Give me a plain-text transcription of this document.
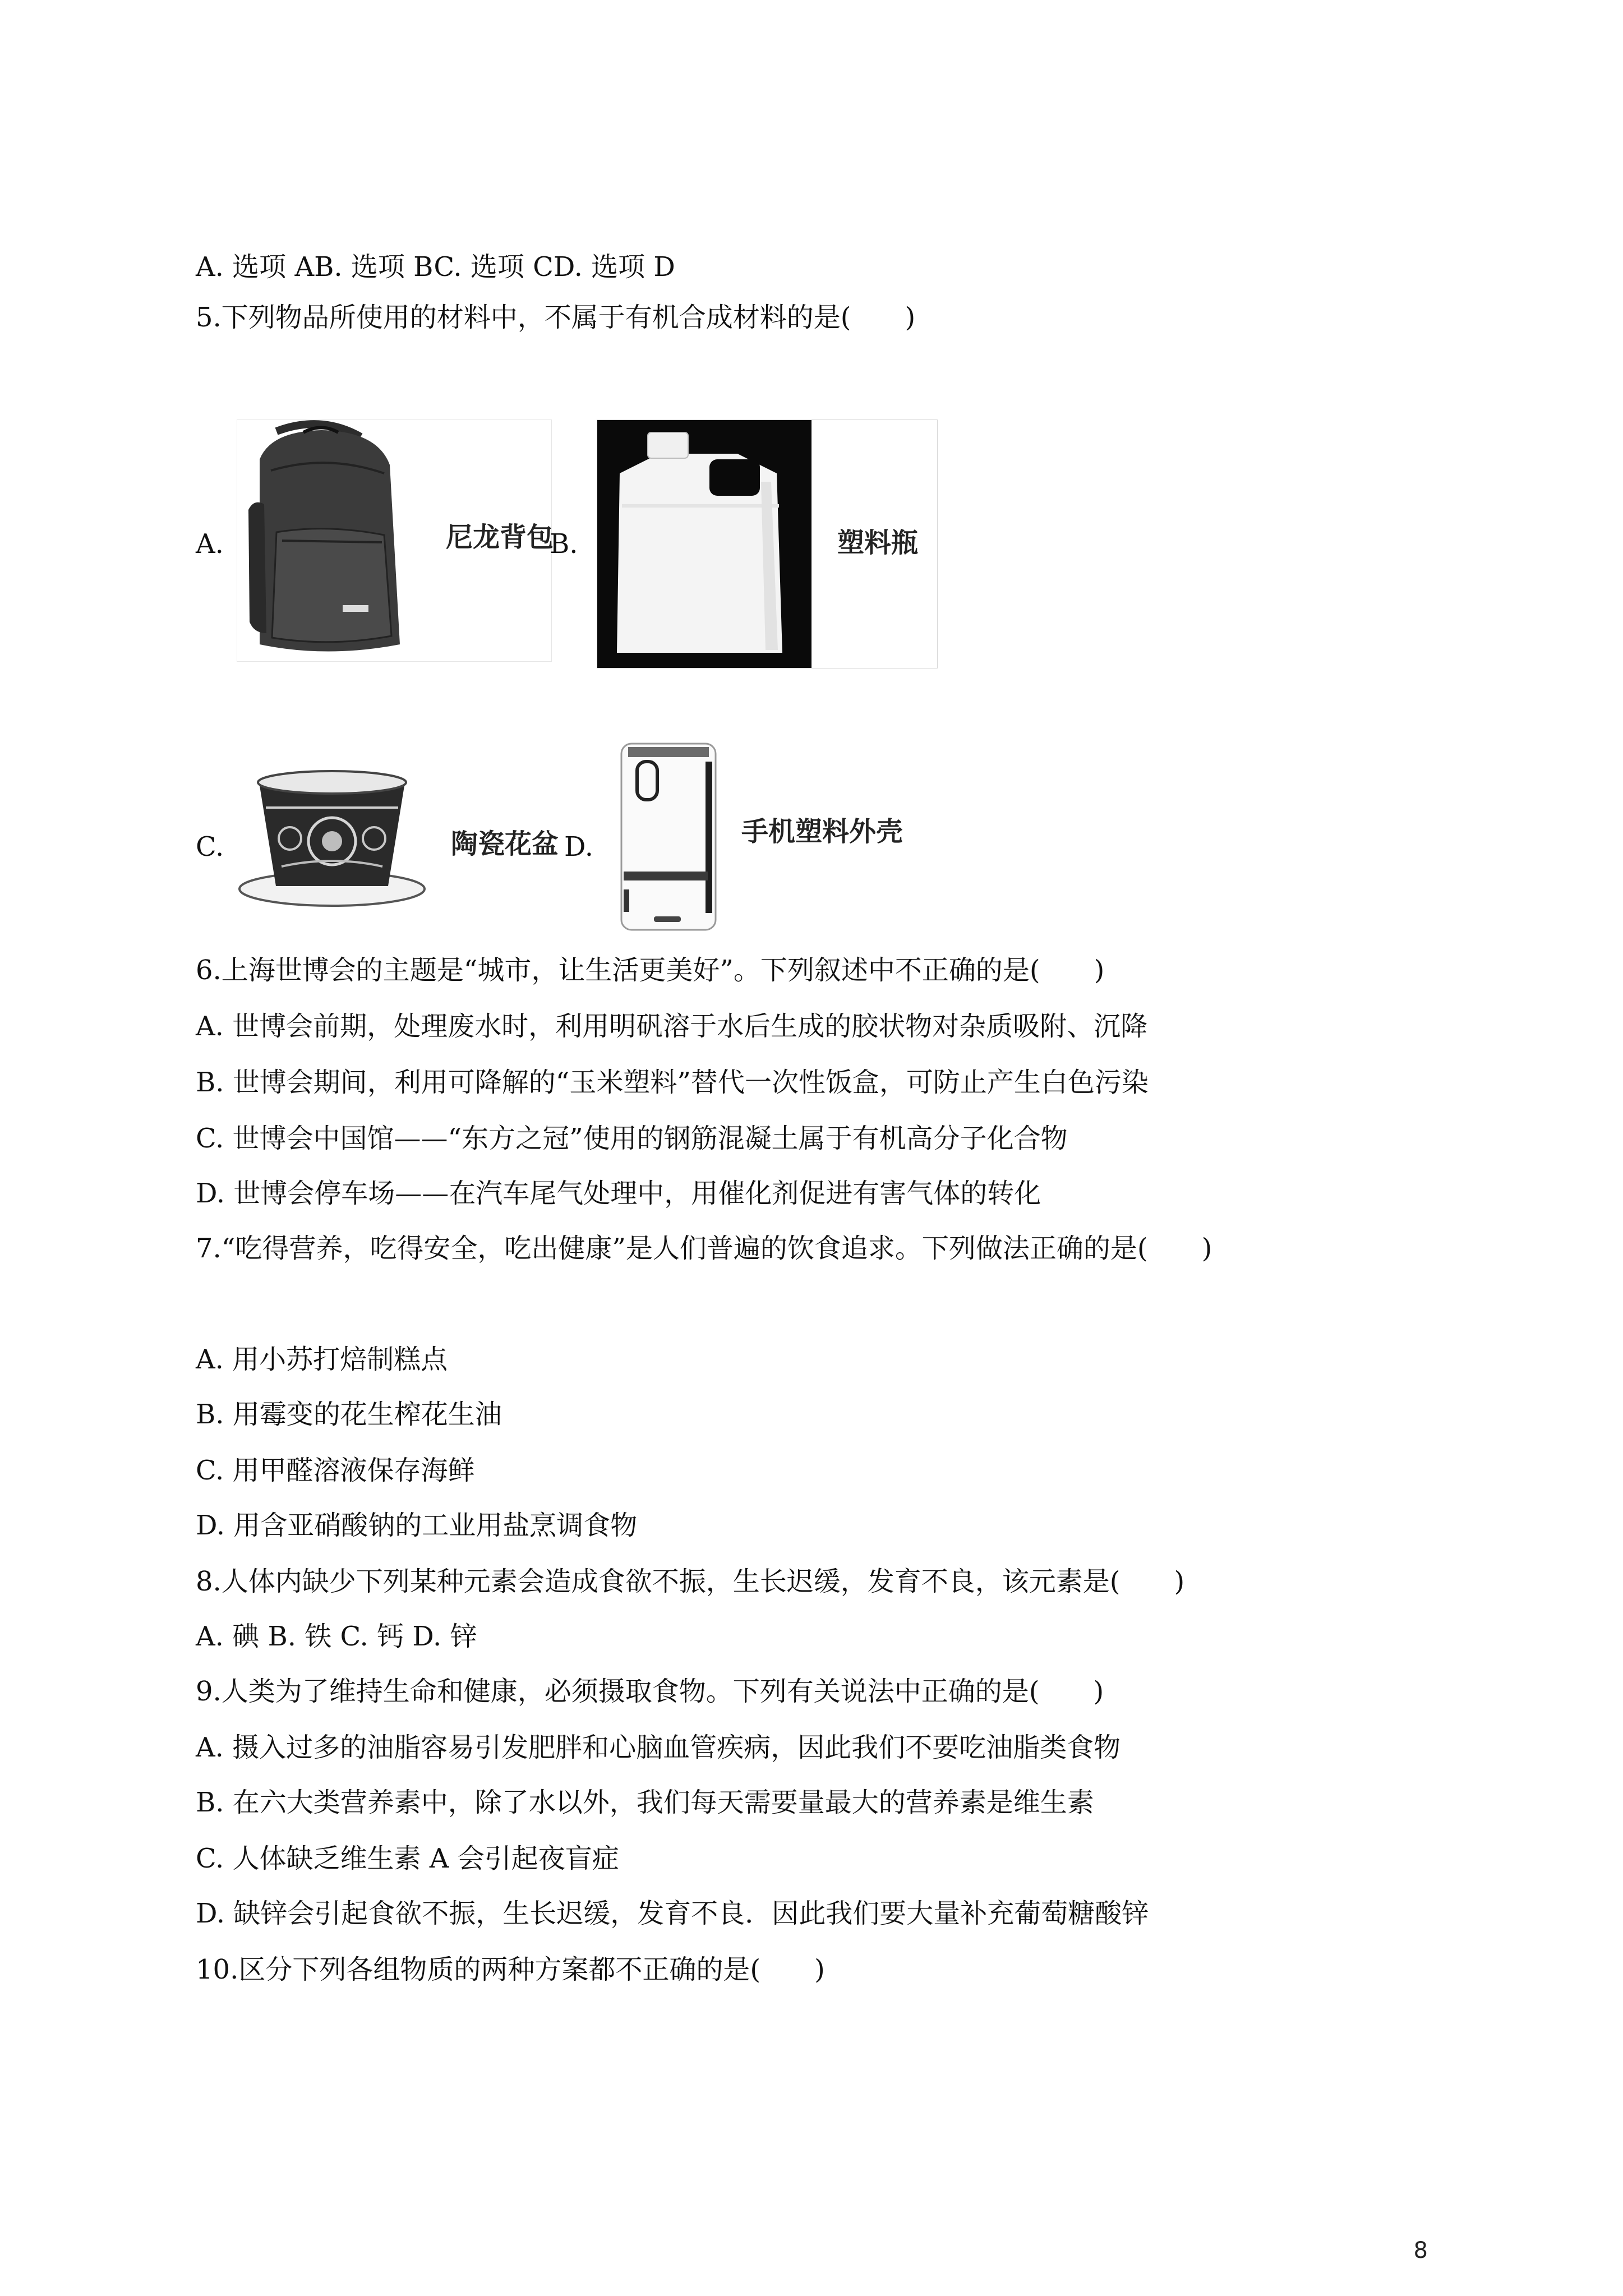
A. 选项 AB. 选项 BC. 选项 CD. 选项 D
5.下列物品所使用的材料中，不属于有机合成材料的是(　　)
A.	尼龙背包
B.	塑料瓶
C.	陶瓷花盆 D.	手机塑料外壳
6.上海世博会的主题是“城市，让生活更美好”。下列叙述中不正确的是(　　)
A. 世博会前期，处理废水时，利用明矾溶于水后生成的胶状物对杂质吸附、沉降
B. 世博会期间，利用可降解的“玉米塑料”替代一次性饭盒，可防止产生白色污染
C. 世博会中国馆——“东方之冠”使用的钢筋混凝土属于有机高分子化合物
D. 世博会停车场——在汽车尾气处理中，用催化剂促进有害气体的转化
7.“吃得营养，吃得安全，吃出健康”是人们普遍的饮食追求。下列做法正确的是(　　)
A. 用小苏打焙制糕点
B. 用霉变的花生榨花生油
C. 用甲醛溶液保存海鲜
D. 用含亚硝酸钠的工业用盐烹调食物
8.人体内缺少下列某种元素会造成食欲不振，生长迟缓，发育不良，该元素是(　　)
A. 碘 B. 铁 C. 钙 D. 锌
9.人类为了维持生命和健康，必须摄取食物。下列有关说法中正确的是(　　)
A. 摄入过多的油脂容易引发肥胖和心脑血管疾病，因此我们不要吃油脂类食物
B. 在六大类营养素中，除了水以外，我们每天需要量最大的营养素是维生素
C. 人体缺乏维生素 A 会引起夜盲症
D. 缺锌会引起食欲不振，生长迟缓，发育不良．因此我们要大量补充葡萄糖酸锌
10.区分下列各组物质的两种方案都不正确的是(　　)
8
